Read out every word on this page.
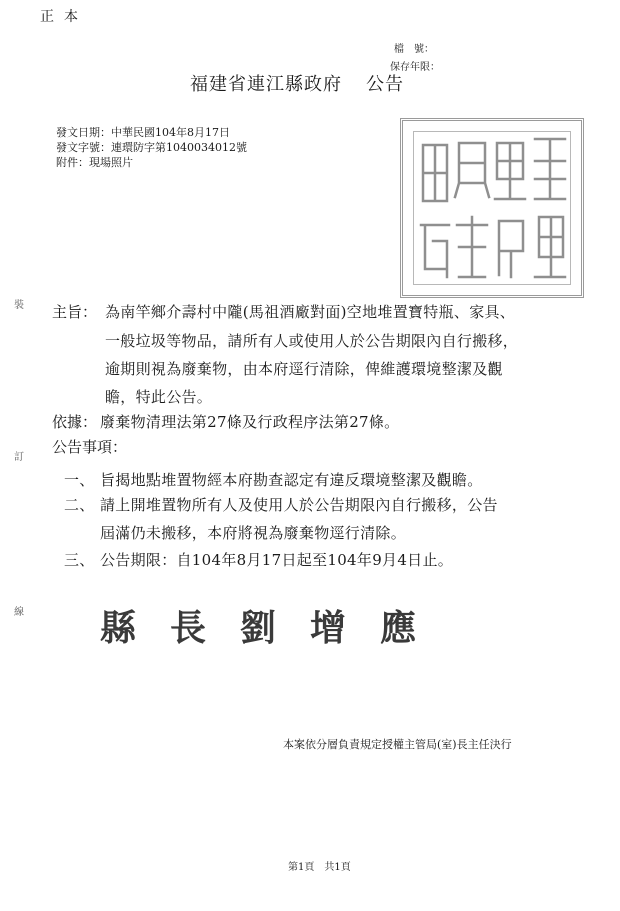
正本
檔　號：
保存年限：
福建省連江縣政府 公告
發文日期：中華民國104年8月17日
發文字號：連環防字第1040034012號
附件：現場照片
裝
訂
線
主旨： 為南竿鄉介壽村中隴(馬祖酒廠對面)空地堆置寶特瓶、家具、
一般垃圾等物品，請所有人或使用人於公告期限內自行搬移，
逾期則視為廢棄物，由本府逕行清除，俾維護環境整潔及觀
瞻，特此公告。
依據： 廢棄物清理法第27條及行政程序法第27條。
公告事項：
一、 旨揭地點堆置物經本府勘查認定有違反環境整潔及觀瞻。
二、 請上開堆置物所有人及使用人於公告期限內自行搬移，公告
屆滿仍未搬移，本府將視為廢棄物逕行清除。
三、 公告期限：自104年8月17日起至104年9月4日止。
縣長劉增應
本案依分層負責規定授權主管局(室)長主任決行
第1頁　共1頁
